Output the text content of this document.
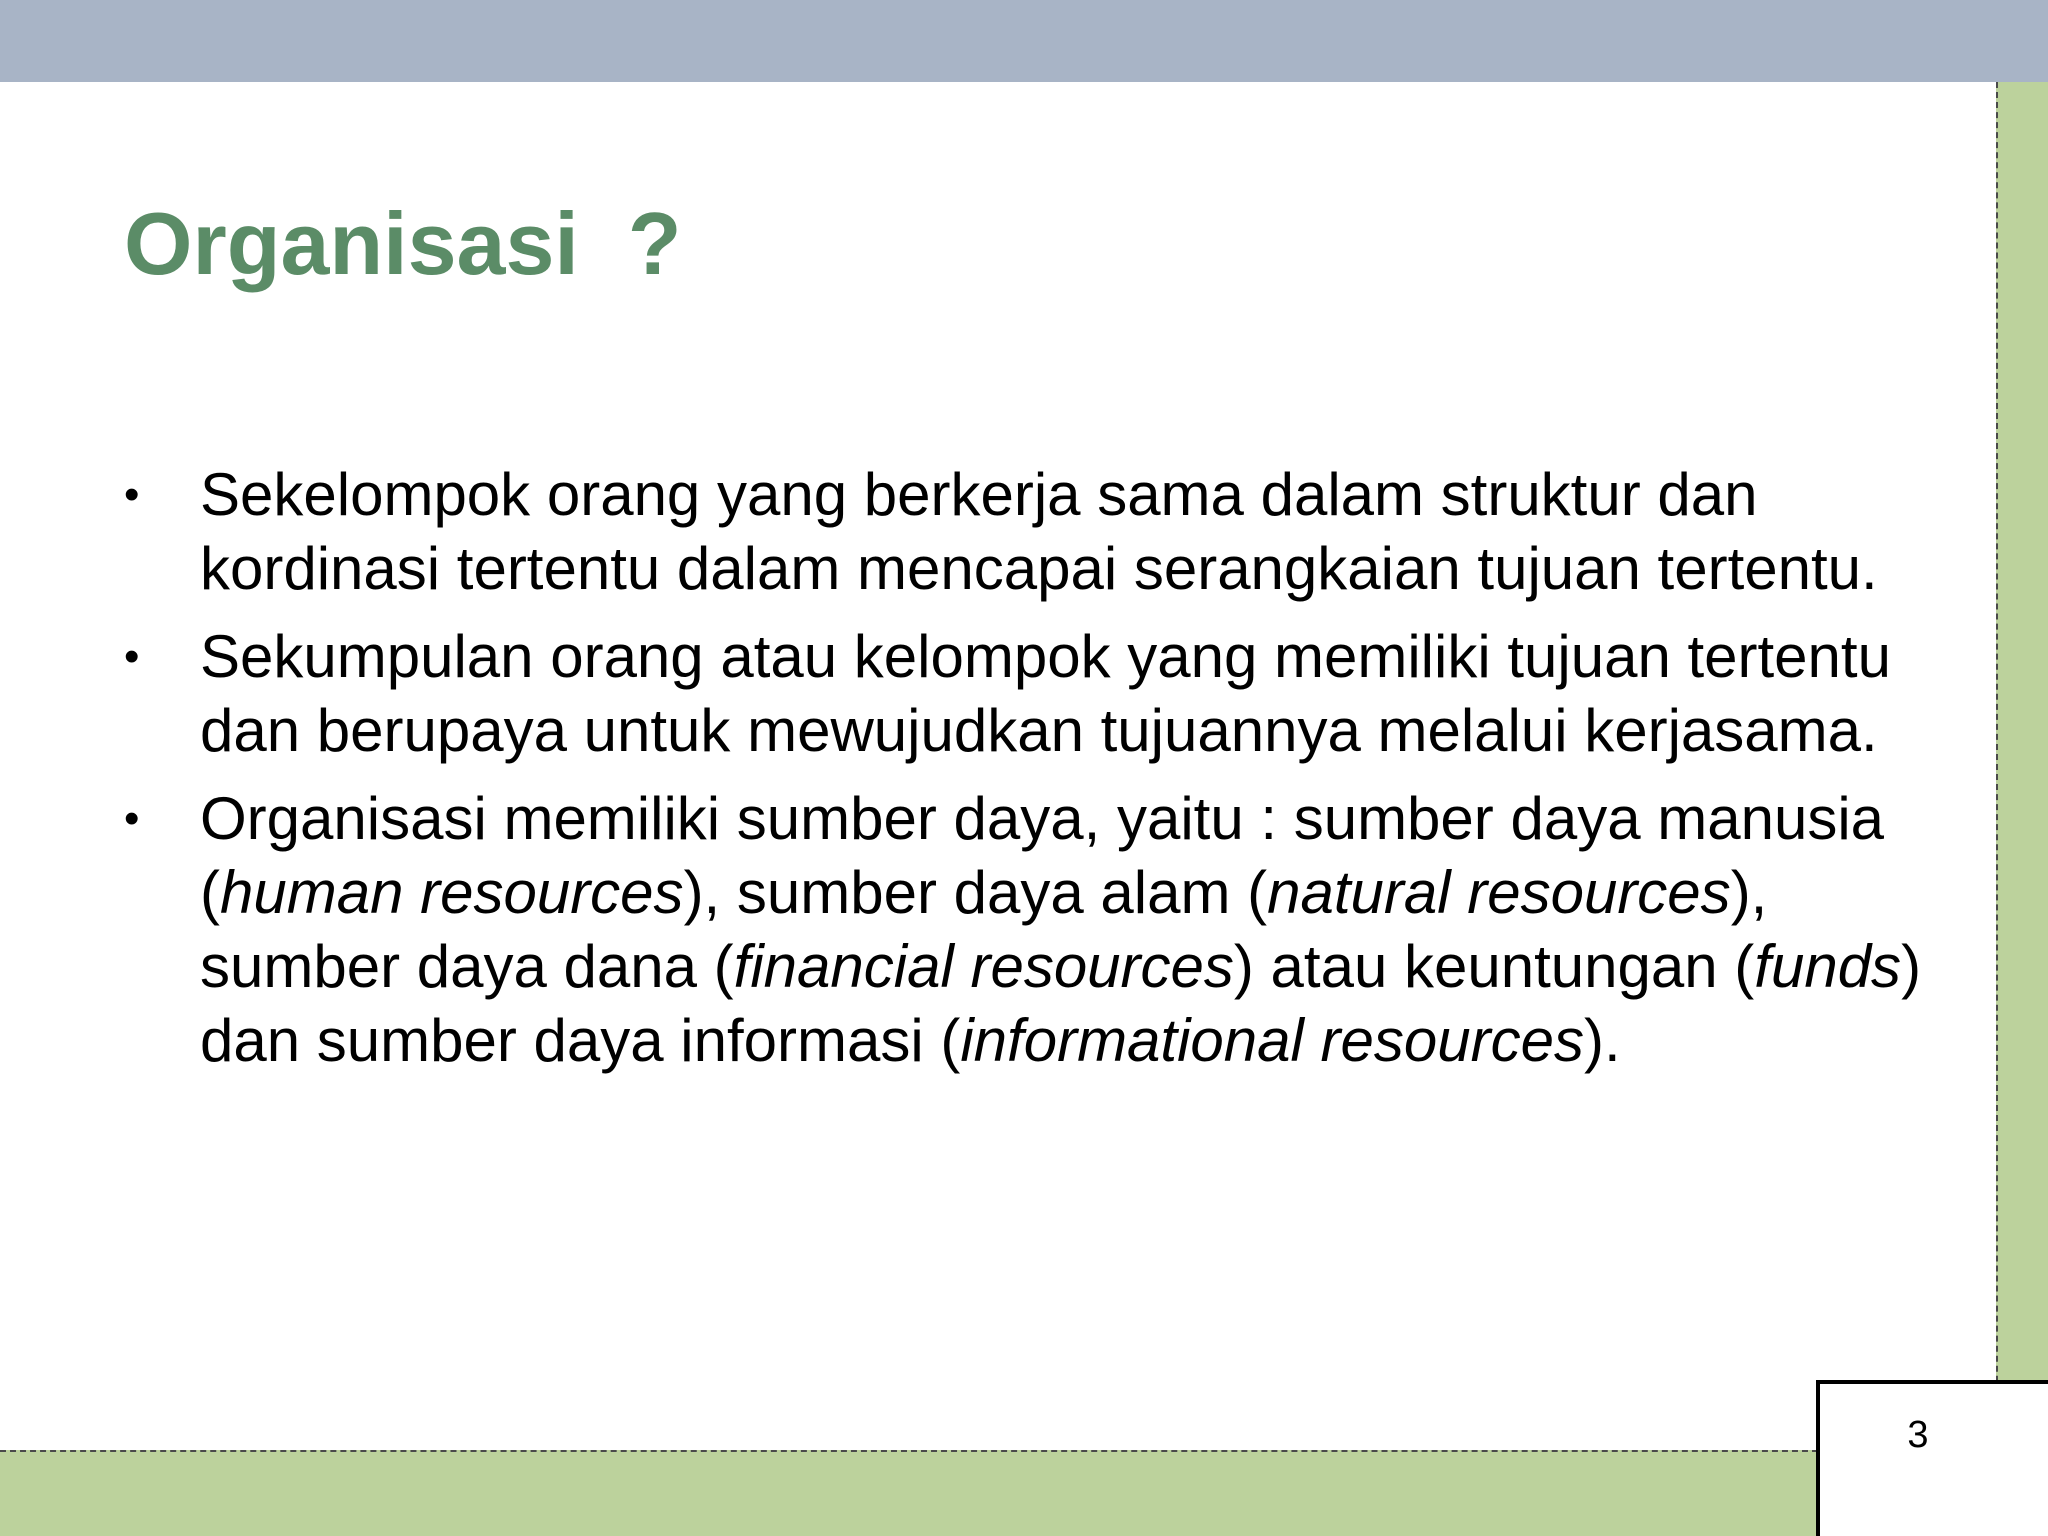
3
Organisasi  ?
• Sekelompok orang yang berkerja sama dalam struktur dan kordinasi tertentu dalam mencapai serangkaian tujuan tertentu.
• Sekumpulan orang atau kelompok yang memiliki tujuan tertentu dan berupaya untuk mewujudkan tujuannya melalui kerjasama.
• Organisasi memiliki sumber daya, yaitu : sumber daya manusia (human resources), sumber daya alam (natural resources), sumber daya dana (financial resources) atau keuntungan (funds) dan sumber daya informasi (informational resources).
